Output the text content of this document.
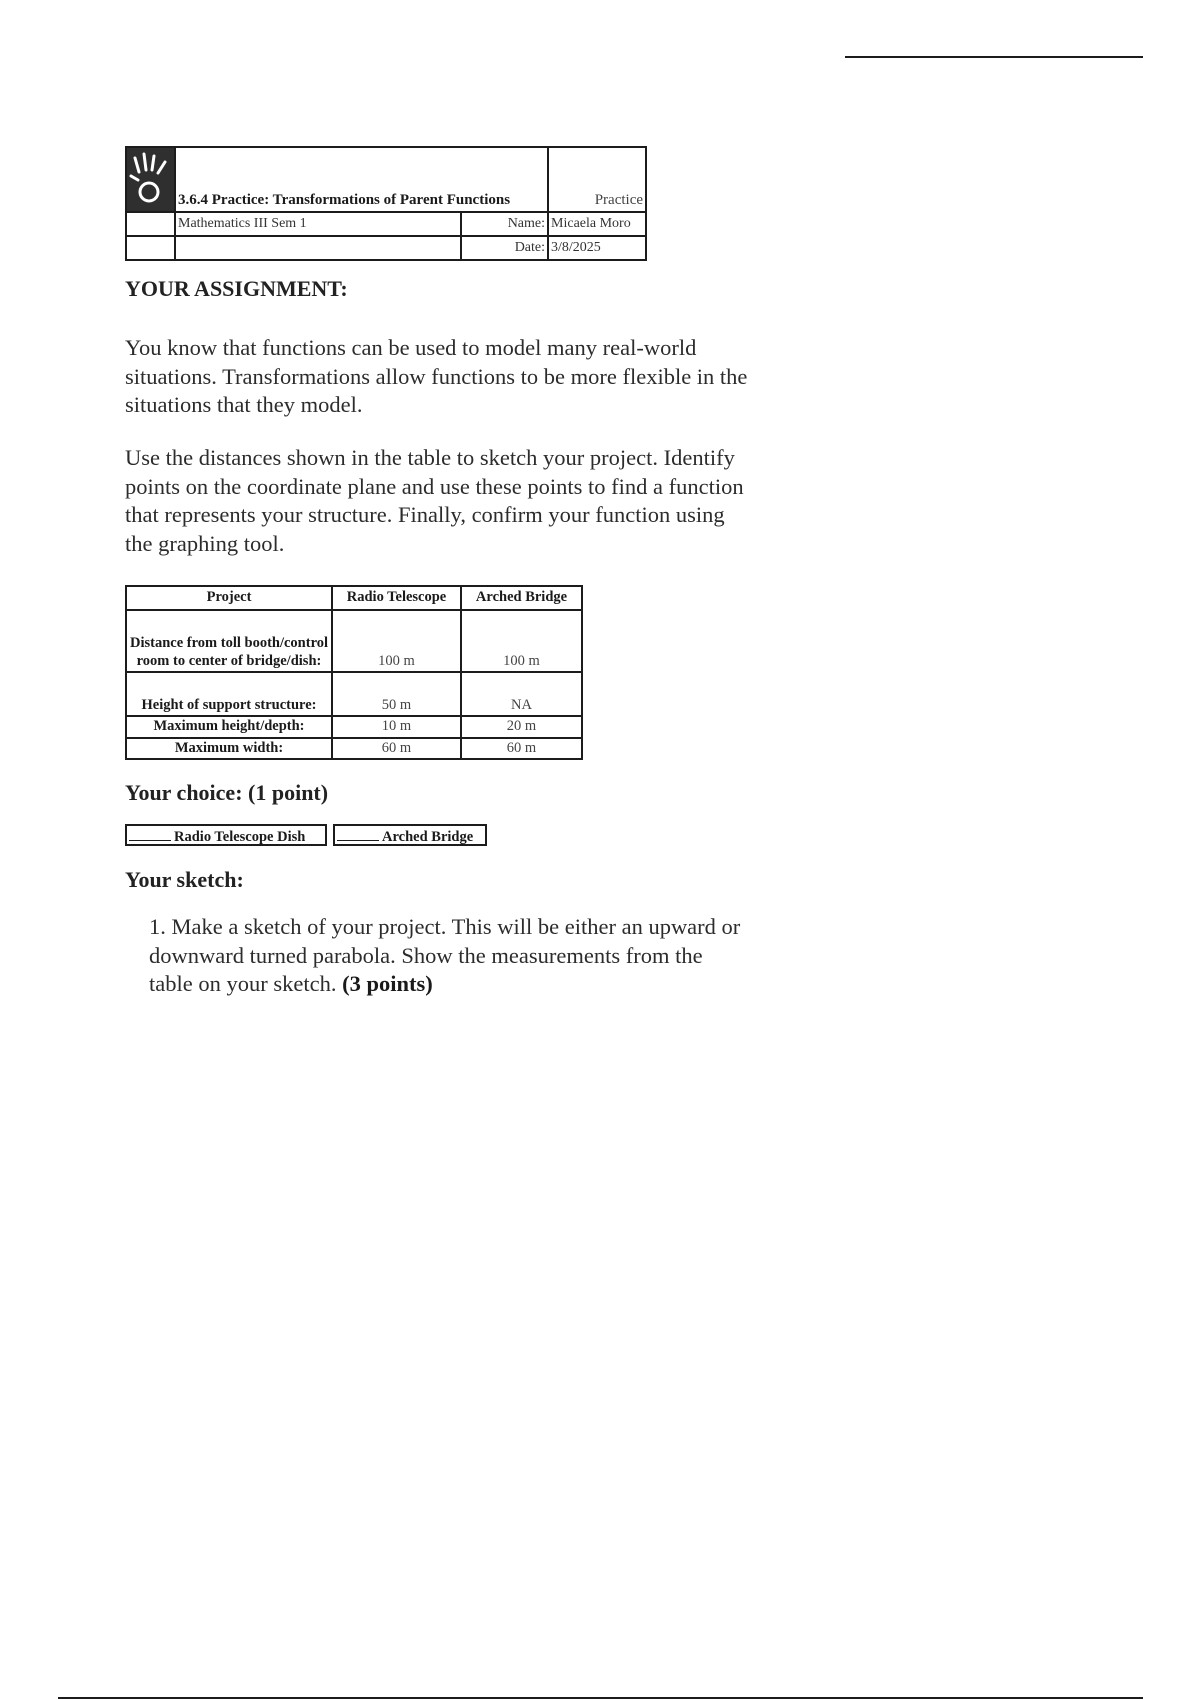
	3.6.4 Practice: Transformations of Parent Functions		Practice
	Mathematics III Sem 1	Name:	Micaela Moro
		Date:	3/8/2025
YOUR ASSIGNMENT:

You know that functions can be used to model many real-world situations. Transformations allow functions to be more flexible in the situations that they model.

Use the distances shown in the table to sketch your project. Identify points on the coordinate plane and use these points to find a function that represents your structure. Finally, confirm your function using the graphing tool.

Project	Radio Telescope	Arched Bridge
Distance from toll booth/control room to center of bridge/dish:	100 m	100 m
Height of support structure:	50 m	NA
Maximum height/depth:	10 m	20 m
Maximum width:	60 m	60 m
Your choice: (1 point)
Radio Telescope Dish	Arched Bridge
Your sketch:

1. Make a sketch of your project. This will be either an upward or downward turned parabola. Show the measurements from the table on your sketch. (3 points)
